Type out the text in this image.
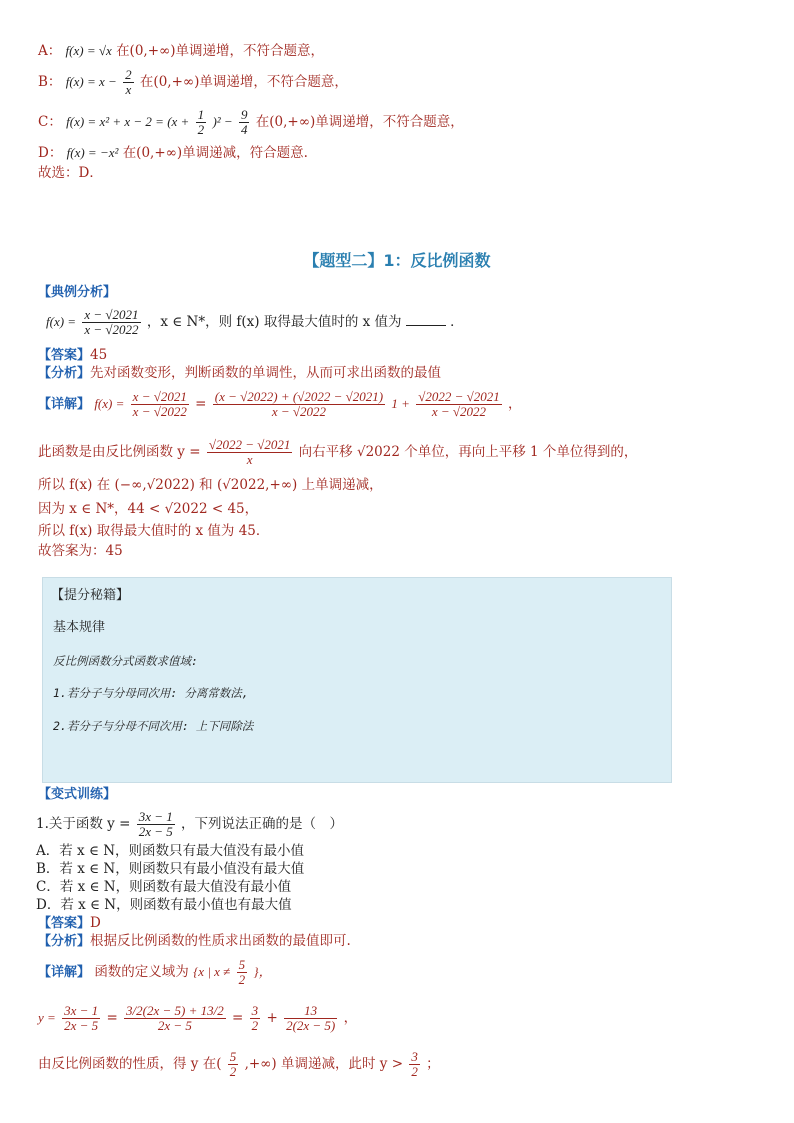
A： f(x) = √x 在(0,+∞)单调递增，不符合题意，
B： $f(x) = x - \frac{2}{x}$ 在(0,+∞)单调递增，不符合题意，
C： $f(x) = x^2 + x - 2 = (x + \frac{1}{2} )^2 - \frac{9}{4}$ 在(0,+∞)单调递增，不符合题意，
D： f(x) = −x² 在(0,+∞)单调递减，符合题意.
故选：D．
【题型二】1：反比例函数
【典例分析】
$f(x) = \frac{x - √2021}{x - √2022}$ ，x ∈ N*，则 f(x) 取得最大值时的 x 值为	．
【答案】45
【分析】先对函数变形，判断函数的单调性，从而可求出函数的最值
【详解】 $f(x) = \frac{x - √2021}{x - √2022} = \frac{(x - √2022) + (√2022 - √2021)}{x - √2022} 1 + \frac{√2022 - √2021}{x - √2022}$ ，
此函数是由反比例函数 $y = \frac{√2022 - √2021}{x}$ 向右平移 √2022 个单位，再向上平移 1 个单位得到的，
所以 f(x) 在 (−∞,√2022) 和 (√2022,+∞) 上单调递减，
因为 x ∈ N*，44 < √2022 < 45，
所以 f(x) 取得最大值时的 x 值为 45．
故答案为：45
【提分秘籍】
基本规律
反比例函数分式函数求值域:
1.若分子与分母同次用: 分离常数法,
2.若分子与分母不同次用: 上下同除法
【变式训练】
1.关于函数 $y = \frac{3x - 1}{2x - 5}$ ，下列说法正确的是（　）
A．若 x ∈ N，则函数只有最大值没有最小值
B．若 x ∈ N，则函数只有最小值没有最大值
C．若 x ∈ N，则函数有最大值没有最小值
D．若 x ∈ N，则函数有最小值也有最大值
【答案】D
【分析】根据反比例函数的性质求出函数的最值即可.
【详解】 函数的定义域为 {x | $x \ne \frac{5}{2}$ }，
$y = \frac{3x - 1}{2x - 5} = \frac{3/2(2x - 5) + 13/2}{2x - 5} = \frac{3}{2} + \frac{13}{2(2x - 5)}$ ，
由反比例函数的性质，得 y 在( $\frac{5}{2}$ ,+∞) 单调递减，此时 $y > \frac{3}{2}$ ；
